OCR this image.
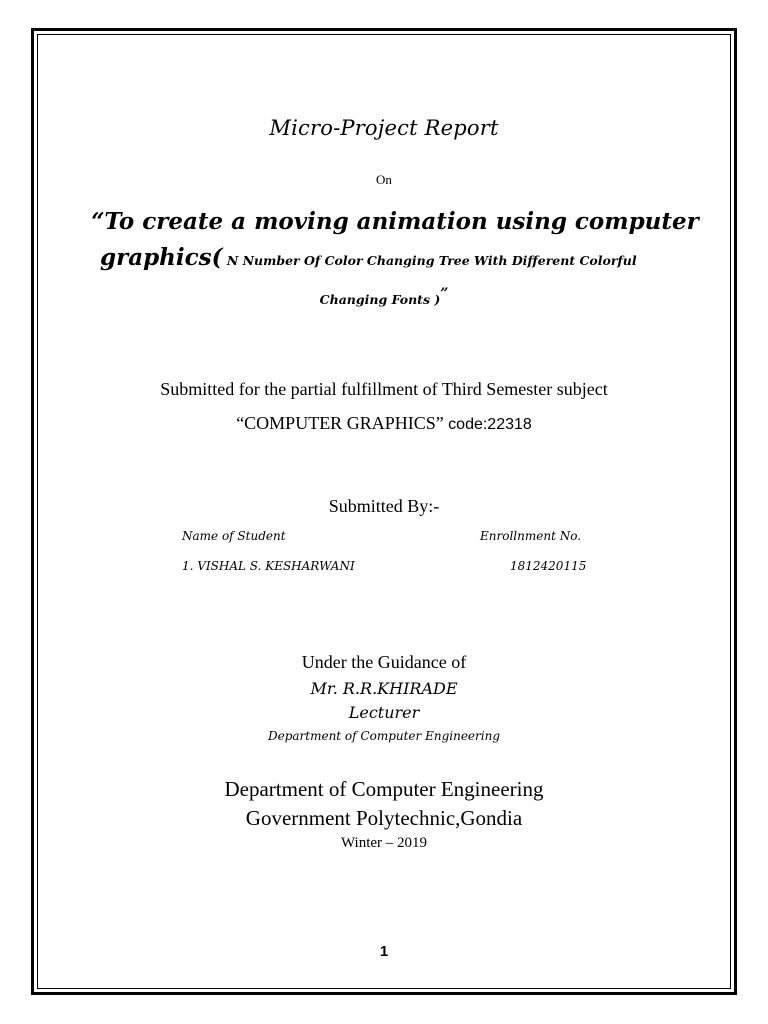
Micro-Project Report
On
“To create a moving animation using computer
graphics( N Number Of Color Changing Tree With Different Colorful
Changing Fonts )”
Submitted for the partial fulfillment of Third Semester subject
“COMPUTER GRAPHICS” code:22318
Submitted By:-
Name of Student	Enrollnment No.
1. VISHAL S. KESHARWANI	1812420115
Under the Guidance of
Mr. R.R.KHIRADE
Lecturer
Department of Computer Engineering
Department of Computer Engineering
Government Polytechnic,Gondia
Winter – 2019
1
